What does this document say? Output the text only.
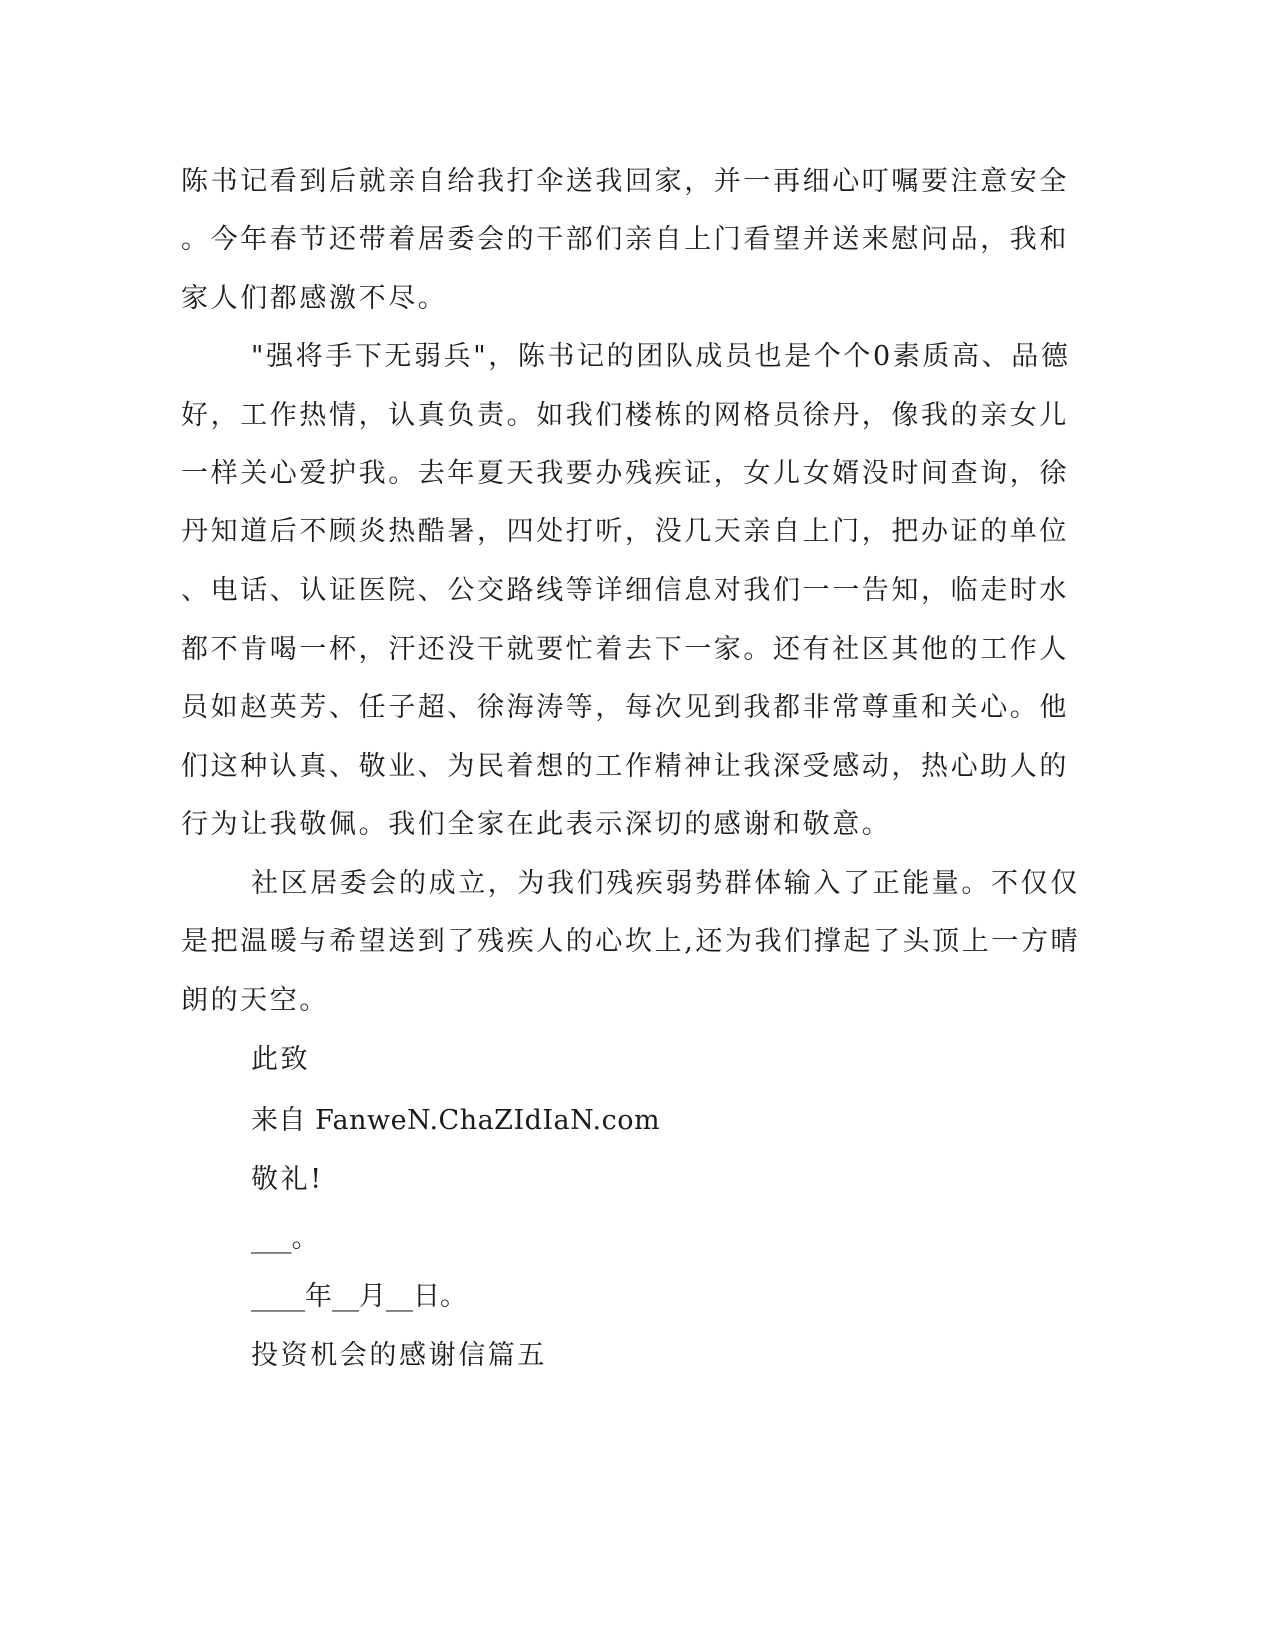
陈书记看到后就亲自给我打伞送我回家，并一再细心叮嘱要注意安全
。今年春节还带着居委会的干部们亲自上门看望并送来慰问品，我和
家人们都感激不尽。
"强将手下无弱兵"，陈书记的团队成员也是个个0素质高、品德
好，工作热情，认真负责。如我们楼栋的网格员徐丹，像我的亲女儿
一样关心爱护我。去年夏天我要办残疾证，女儿女婿没时间查询，徐
丹知道后不顾炎热酷暑，四处打听，没几天亲自上门，把办证的单位
、电话、认证医院、公交路线等详细信息对我们一一告知，临走时水
都不肯喝一杯，汗还没干就要忙着去下一家。还有社区其他的工作人
员如赵英芳、任子超、徐海涛等，每次见到我都非常尊重和关心。他
们这种认真、敬业、为民着想的工作精神让我深受感动，热心助人的
行为让我敬佩。我们全家在此表示深切的感谢和敬意。
社区居委会的成立，为我们残疾弱势群体输入了正能量。不仅仅
是把温暖与希望送到了残疾人的心坎上,还为我们撑起了头顶上一方晴
朗的天空。
此致
来自 FanweN.ChaZIdIaN.com
敬礼!
___。
____年__月__日。
投资机会的感谢信篇五
